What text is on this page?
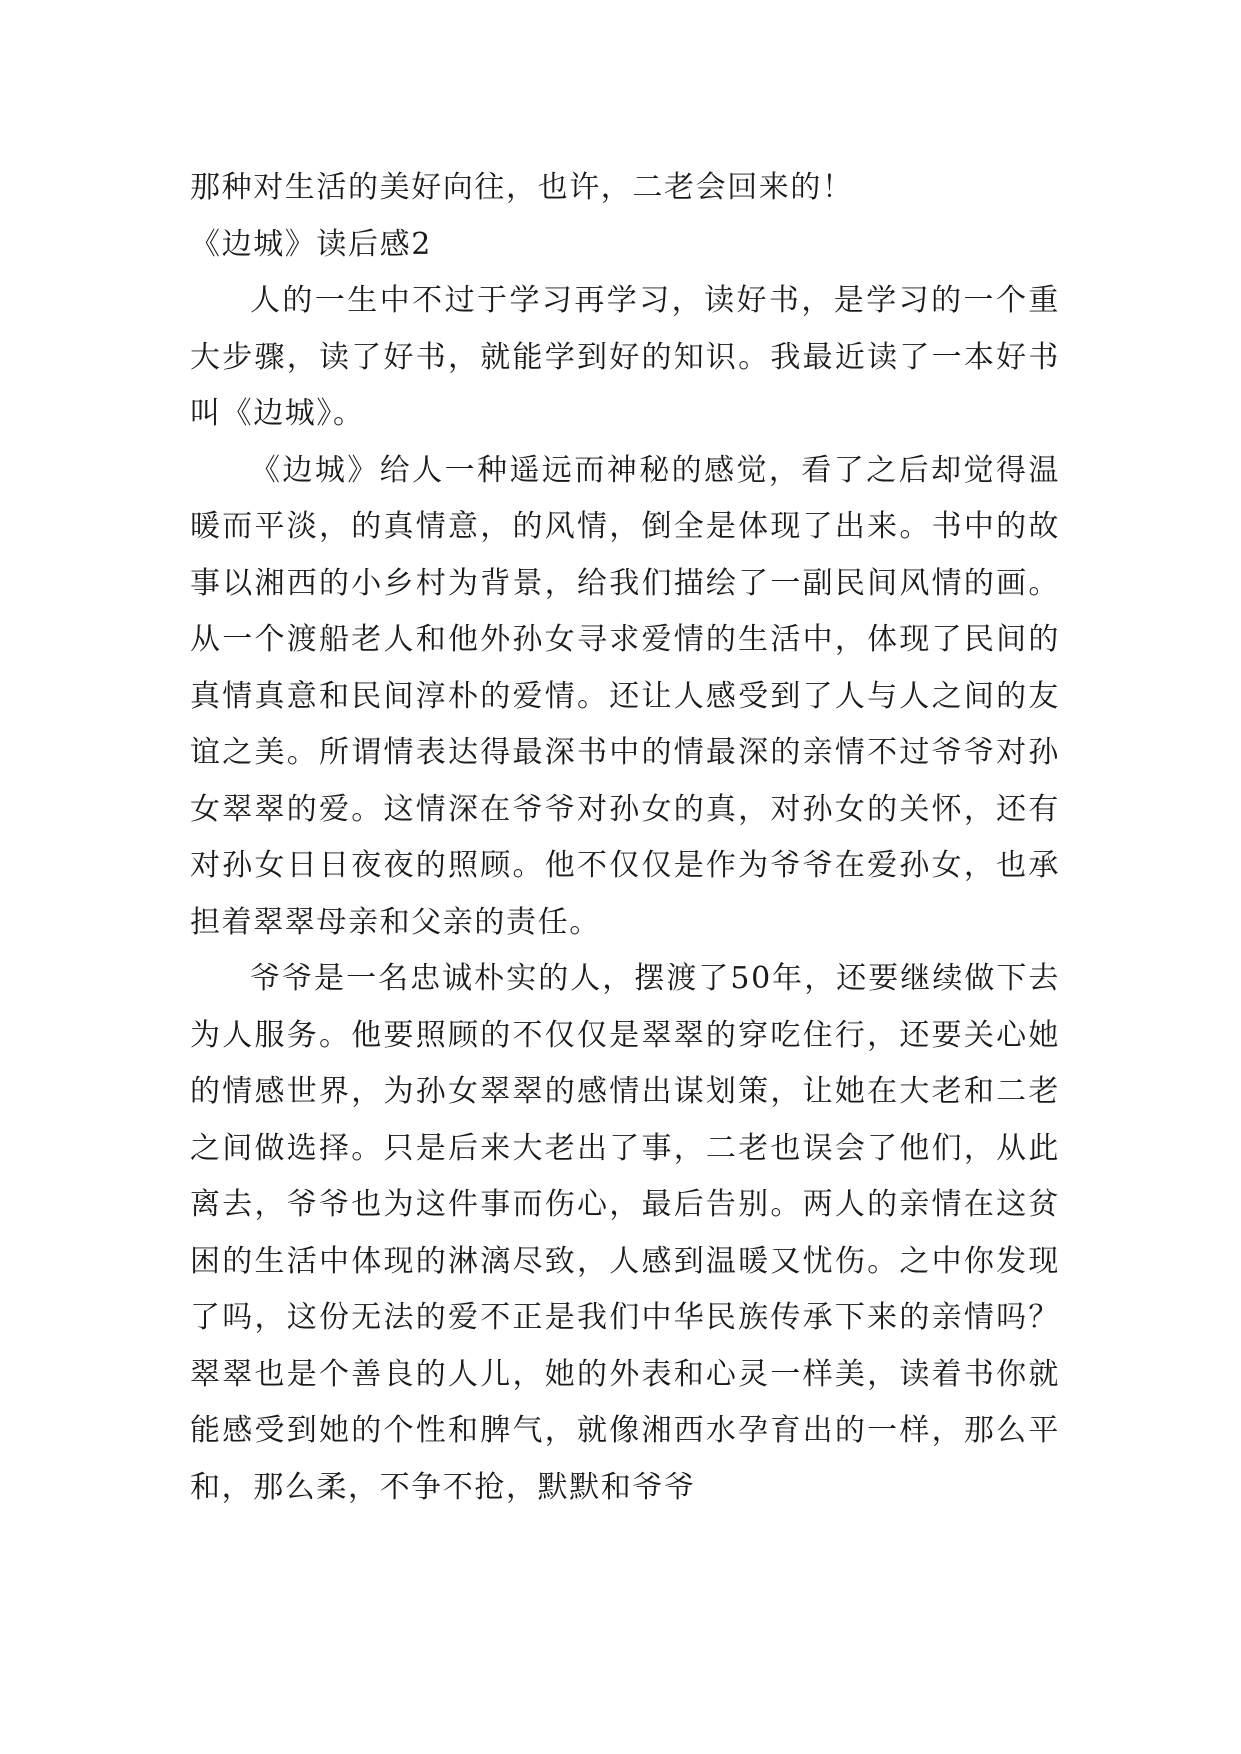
那种对生活的美好向往，也许，二老会回来的！
《边城》读后感2

人的一生中不过于学习再学习，读好书，是学习的一个重大步骤，读了好书，就能学到好的知识。我最近读了一本好书叫《边城》。

《边城》给人一种遥远而神秘的感觉，看了之后却觉得温暖而平淡，的真情意，的风情，倒全是体现了出来。书中的故事以湘西的小乡村为背景，给我们描绘了一副民间风情的画。从一个渡船老人和他外孙女寻求爱情的生活中，体现了民间的真情真意和民间淳朴的爱情。还让人感受到了人与人之间的友谊之美。所谓情表达得最深书中的情最深的亲情不过爷爷对孙女翠翠的爱。这情深在爷爷对孙女的真，对孙女的关怀，还有对孙女日日夜夜的照顾。他不仅仅是作为爷爷在爱孙女，也承担着翠翠母亲和父亲的责任。

爷爷是一名忠诚朴实的人，摆渡了50年，还要继续做下去为人服务。他要照顾的不仅仅是翠翠的穿吃住行，还要关心她的情感世界，为孙女翠翠的感情出谋划策，让她在大老和二老之间做选择。只是后来大老出了事，二老也误会了他们，从此离去，爷爷也为这件事而伤心，最后告别。两人的亲情在这贫困的生活中体现的淋漓尽致，人感到温暖又忧伤。之中你发现了吗，这份无法的爱不正是我们中华民族传承下来的亲情吗？翠翠也是个善良的人儿，她的外表和心灵一样美，读着书你就能感受到她的个性和脾气，就像湘西水孕育出的一样，那么平和，那么柔，不争不抢，默默和爷爷
